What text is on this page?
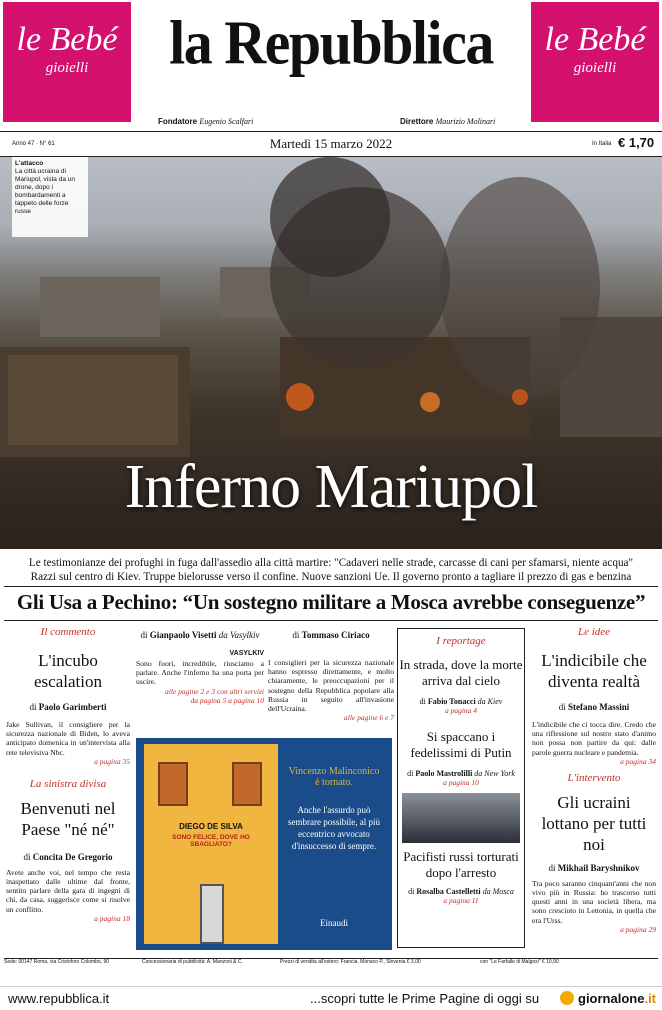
le Bebé
gioielli
le Bebé
gioielli
la Repubblica
Fondatore Eugenio Scalfari	Direttore Maurizio Molinari
Anno 47 · N° 61	Martedì 15 marzo 2022	In Italia € 1,70
L'attacco
La città ucraina di Mariupol, vista da un drone, dopo i bombardamenti a tappeto delle forze russe
Inferno Mariupol
Le testimonianze dei profughi in fuga dall'assedio alla città martire: "Cadaveri nelle strade, carcasse di cani per sfamarsi, niente acqua"
Razzi sul centro di Kiev. Truppe bielorusse verso il confine. Nuove sanzioni Ue. Il governo pronto a tagliare il prezzo di gas e benzina
Gli Usa a Pechino: “Un sostegno militare a Mosca avrebbe conseguenze”
Il commento
L'incubo escalation
di Paolo Garimberti
Jake Sullivan, il consigliere per la sicurezza nazionale di Biden, lo aveva anticipato domenica in un'intervista alla rete televisiva Nbc.
a pagina 35
La sinistra divisa
Benvenuti nel Paese "né né"
di Concita De Gregorio
Avete anche voi, nel tempo che resta inaspettato dalle ultime dal fronte, sentito parlare della gara di ingegni di chi, da casa, suggerisce come si risolve un conflitto.
a pagina 18
di Gianpaolo Visetti da Vasylkiv
VASYLKIV
Sono fuori, incredibile, riusciamo a parlare. Anche l'inferno ha una porta per uscire.
alle pagine 2 e 3 con altri servizi
da pagina 5 a pagina 10
di Tommaso Ciriaco
I consiglieri per la sicurezza nazionale hanno espresso direttamente, e molto chiaramente, le preoccupazioni per il sostegno della Repubblica popolare alla Russia in seguito all'invasione dell'Ucraina.
alle pagine 6 e 7
DIEGO DE SILVA
SONO FELICE, DOVE HO SBAGLIATO?
Vincenzo Malinconico
è tornato.
Anche l'assurdo può sembrare possibile, al più eccentrico avvocato d'insuccesso di sempre.
Einaudi
I reportage
In strada, dove la morte arriva dal cielo
di Fabio Tonacci da Kiev
a pagina 4
Si spaccano i fedelissimi di Putin
di Paolo Mastrolilli da New York
a pagina 10
Pacifisti russi torturati dopo l'arresto
di Rosalba Castelletti da Mosca
a pagina 11
Le idee
L'indicibile che diventa realtà
di Stefano Massini
L'indicibile che ci tocca dire. Credo che una riflessione sul nostro stato d'animo non possa non partire da qui: dalle parole guerra nucleare e pandemia.
a pagina 34
L'intervento
Gli ucraini lottano per tutti noi
di Mikhail Baryshnikov
Tra poco saranno cinquant'anni che non vivo più in Russia: ho trascorso tutti questi anni in una società libera, ma sono cresciuto in Lettonia, in quella che era l'Urss.
a pagina 29
Sede: 00147 Roma, via Cristoforo Colombo, 90	Concessionaria di pubblicità: A. Manzoni & C.	Prezzi di vendita all'estero: Francia, Monaco P., Slovenia € 3,00	con "Le Farfalle di Malgosi" € 10,90
www.repubblica.it	...scopri tutte le Prime Pagine di oggi su	giornalone.it
